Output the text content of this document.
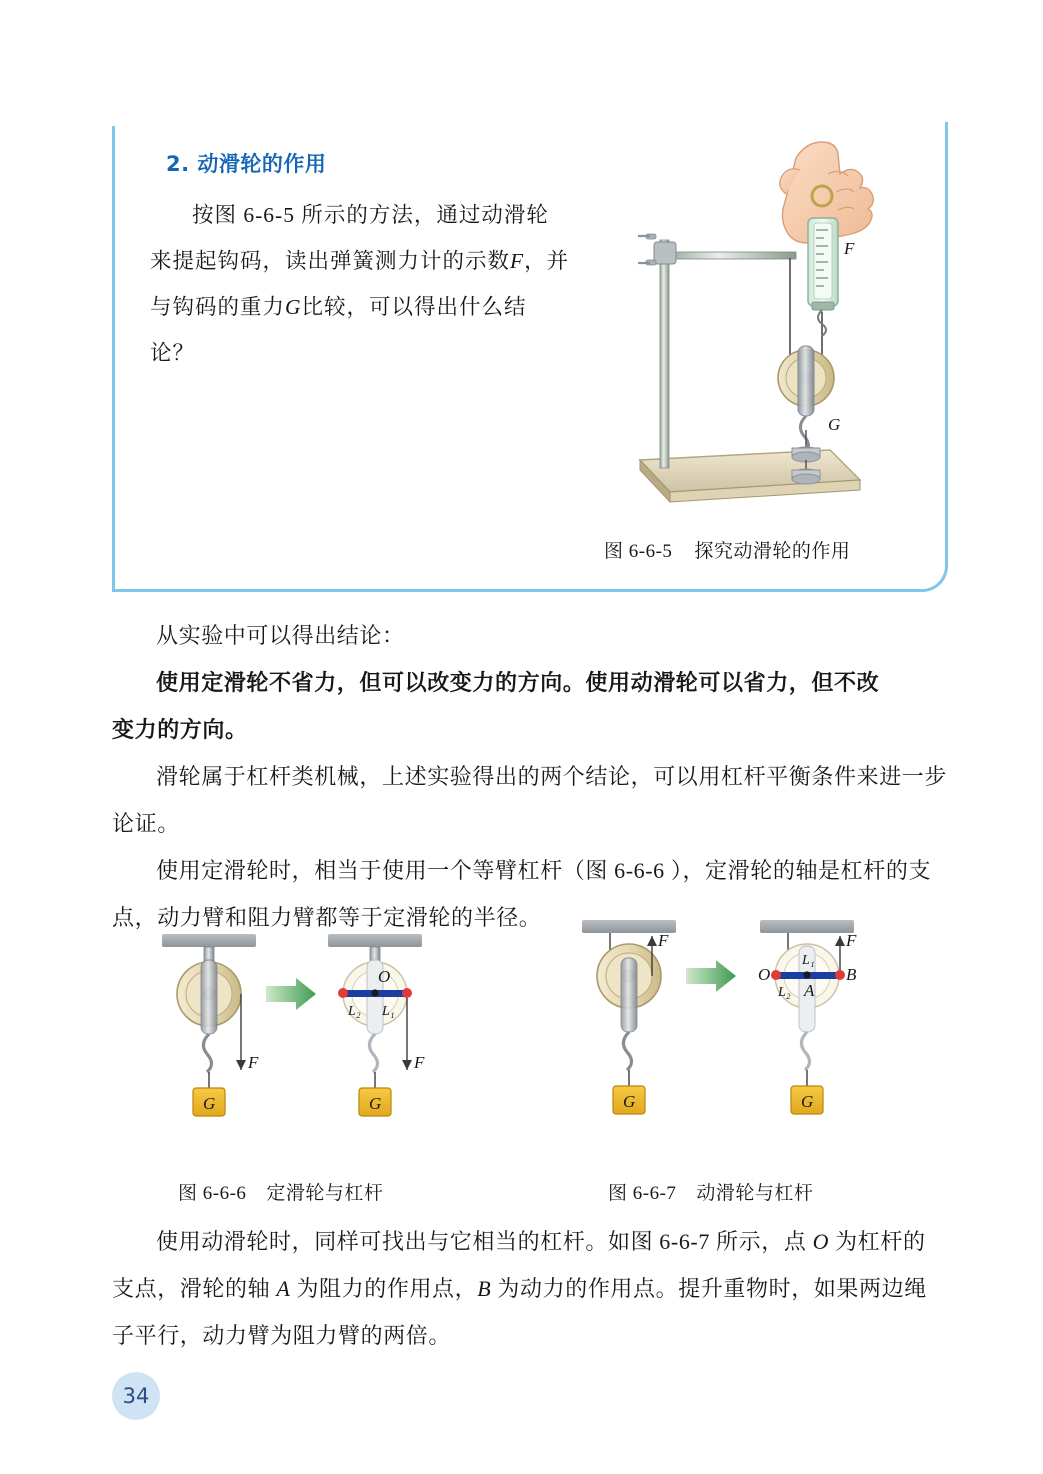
2. 动滑轮的作用
按图 6-6-5 所示的方法，通过动滑轮来提起钩码，读出弹簧测力计的示数F，并与钩码的重力G比较，可以得出什么结论？
F
G
图 6-6-5 探究动滑轮的作用

从实验中可以得出结论：

使用定滑轮不省力，但可以改变力的方向。使用动滑轮可以省力，但不改

变力的方向。

滑轮属于杠杆类机械，上述实验得出的两个结论，可以用杠杆平衡条件来进一步论证。

使用定滑轮时，相当于使用一个等臂杠杆（图 6-6-6 ），定滑轮的轴是杠杆的支点，动力臂和阻力臂都等于定滑轮的半径。

F
G
O
L₁
L₂
F
G
F
G
O	B
A
L₁
L₂
F
G
图 6-6-6 定滑轮与杠杆	图 6-6-7 动滑轮与杠杆

使用动滑轮时，同样可找出与它相当的杠杆。如图 6-6-7 所示，点 O 为杠杆的支点，滑轮的轴 A 为阻力的作用点，B 为动力的作用点。提升重物时，如果两边绳子平行，动力臂为阻力臂的两倍。

34
